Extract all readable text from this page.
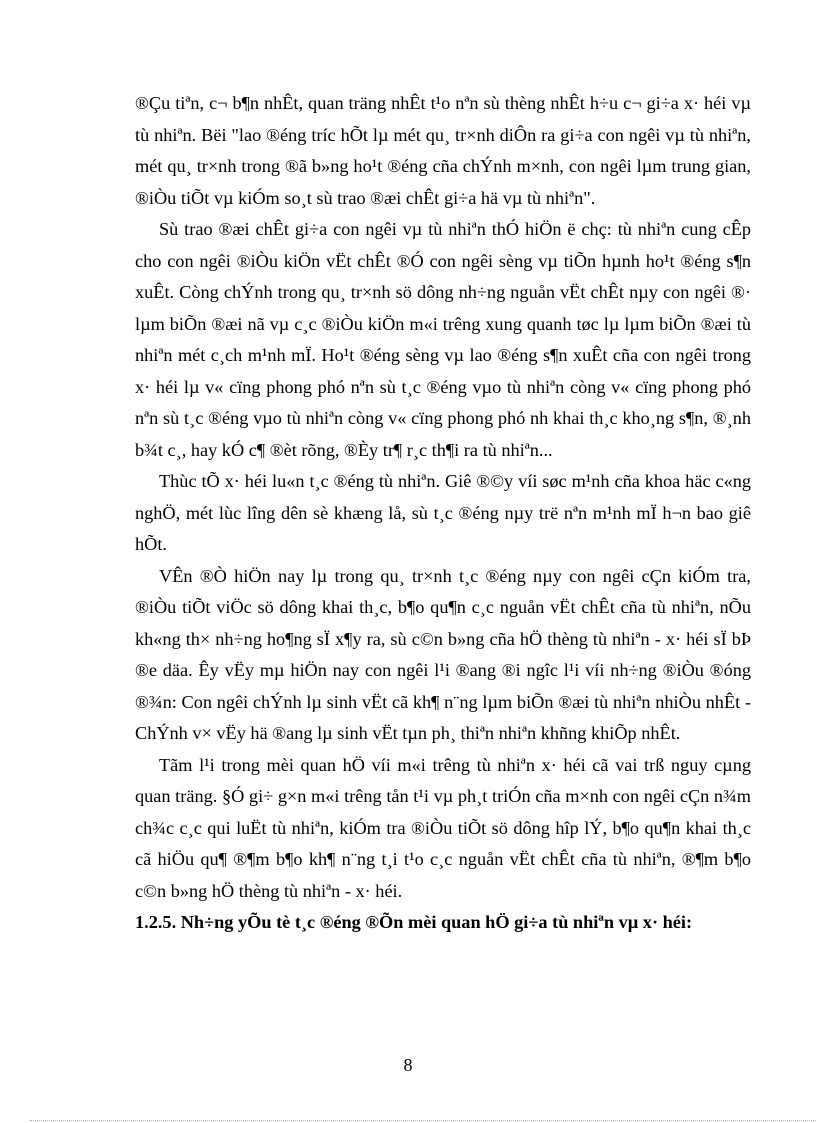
®Çu tiªn, c¬ b¶n nhÊt, quan träng nhÊt t¹o nªn sù thèng nhÊt h÷u c¬ gi÷a x· héi vµ tù nhiªn. Bëi "lao ®éng tríc hÕt lµ mét qu¸ tr×nh diÔn ra gi÷a con ngêi vµ tù nhiªn, mét qu¸ tr×nh trong ®ã b»ng ho¹t ®éng cña chÝnh m×nh, con ngêi lµm trung gian, ®iÒu tiÕt vµ kiÓm so¸t sù trao ®æi chÊt gi÷a hä vµ tù nhiªn".

Sù trao ®æi chÊt gi÷a con ngêi vµ tù nhiªn thÓ hiÖn ë chç: tù nhiªn cung cÊp cho con ngêi ®iÒu kiÖn vËt chÊt ®Ó con ngêi sèng vµ tiÕn hµnh ho¹t ®éng s¶n xuÊt. Còng chÝnh trong qu¸ tr×nh sö dông nh÷ng nguån vËt chÊt nµy con ngêi ®· lµm biÕn ®æi nã vµ c¸c ®iÒu kiÖn m«i trêng xung quanh tøc lµ lµm biÕn ®æi tù nhiªn mét c¸ch m¹nh mÏ. Ho¹t ®éng sèng vµ lao ®éng s¶n xuÊt cña con ngêi trong x· héi lµ v« cïng phong phó nªn sù t¸c ®éng vµo tù nhiªn còng v« cïng phong phó nªn sù t¸c ®éng vµo tù nhiªn còng v« cïng phong phó nh khai th¸c kho¸ng s¶n, ®¸nh b¾t c¸, hay kÓ c¶ ®èt rõng, ®Èy tr¶ r¸c th¶i ra tù nhiªn...

Thùc tÕ x· héi lu«n t¸c ®éng tù nhiªn. Giê ®©y víi søc m¹nh cña khoa häc c«ng nghÖ, mét lùc lîng dên sè khæng lå, sù t¸c ®éng nµy trë nªn m¹nh mÏ h¬n bao giê hÕt.

VÊn ®Ò hiÖn nay lµ trong qu¸ tr×nh t¸c ®éng nµy con ngêi cÇn kiÓm tra, ®iÒu tiÕt viÖc sö dông khai th¸c, b¶o qu¶n c¸c nguån vËt chÊt cña tù nhiªn, nÕu kh«ng th× nh÷ng ho¶ng sÏ x¶y ra, sù c©n b»ng cña hÖ thèng tù nhiªn - x· héi sÏ bÞ ®e däa. Êy vËy mµ hiÖn nay con ngêi l¹i ®ang ®i ngîc l¹i víi nh÷ng ®iÒu ®óng ®¾n: Con ngêi chÝnh lµ sinh vËt cã kh¶ n¨ng lµm biÕn ®æi tù nhiªn nhiÒu nhÊt - ChÝnh v× vËy hä ®ang lµ sinh vËt tµn ph¸ thiªn nhiªn khñng khiÕp nhÊt.

Tãm l¹i trong mèi quan hÖ víi m«i trêng tù nhiªn x· héi cã vai trß nguy cµng quan träng. §Ó gi÷ g×n m«i trêng tån t¹i vµ ph¸t triÓn cña m×nh con ngêi cÇn n¾m ch¾c c¸c qui luËt tù nhiªn, kiÓm tra ®iÒu tiÕt sö dông hîp lÝ, b¶o qu¶n khai th¸c cã hiÖu qu¶ ®¶m b¶o kh¶ n¨ng t¸i t¹o c¸c nguån vËt chÊt cña tù nhiªn, ®¶m b¶o c©n b»ng hÖ thèng tù nhiªn - x· héi.

1.2.5. Nh÷ng yÕu tè t¸c ®éng ®Õn mèi quan hÖ gi÷a tù nhiªn vµ x· héi:

8
